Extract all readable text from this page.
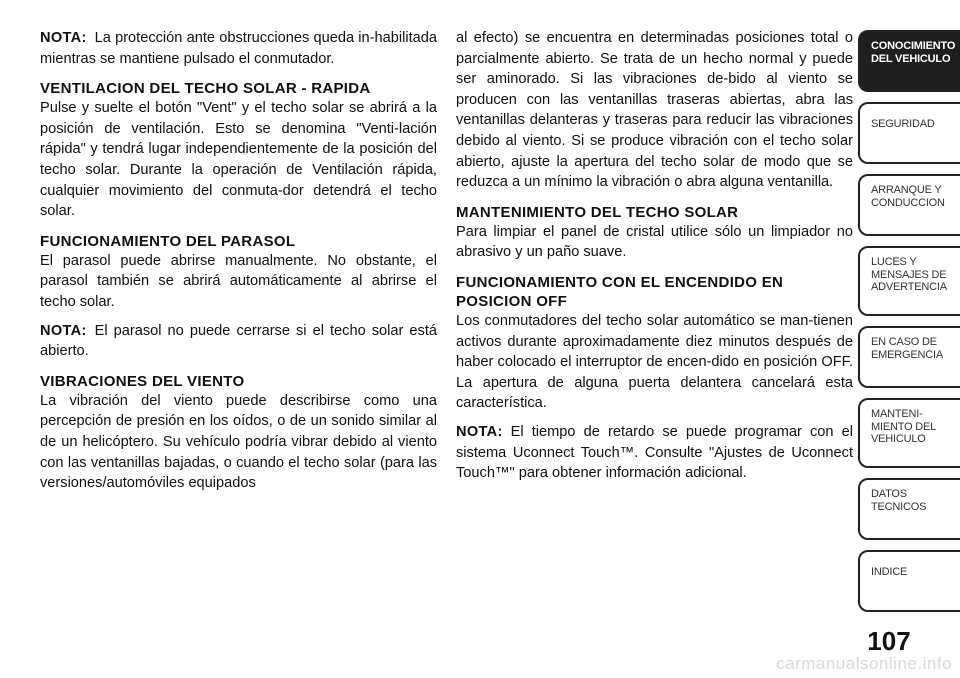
NOTA: La protección ante obstrucciones queda in-habilitada mientras se mantiene pulsado el conmutador.

VENTILACION DEL TECHO SOLAR - RAPIDA

Pulse y suelte el botón "Vent" y el techo solar se abrirá a la posición de ventilación. Esto se denomina "Venti-lación rápida" y tendrá lugar independientemente de la posición del techo solar. Durante la operación de Ventilación rápida, cualquier movimiento del conmuta-dor detendrá el techo solar.

FUNCIONAMIENTO DEL PARASOL

El parasol puede abrirse manualmente. No obstante, el parasol también se abrirá automáticamente al abrirse el techo solar.

NOTA: El parasol no puede cerrarse si el techo solar está abierto.

VIBRACIONES DEL VIENTO

La vibración del viento puede describirse como una percepción de presión en los oídos, o de un sonido similar al de un helicóptero. Su vehículo podría vibrar debido al viento con las ventanillas bajadas, o cuando el techo solar (para las versiones/automóviles equipados

al efecto) se encuentra en determinadas posiciones total o parcialmente abierto. Se trata de un hecho normal y puede ser aminorado. Si las vibraciones de-bido al viento se producen con las ventanillas traseras abiertas, abra las ventanillas delanteras y traseras para reducir las vibraciones debido al viento. Si se produce vibración con el techo solar abierto, ajuste la apertura del techo solar de modo que se reduzca a un mínimo la vibración o abra alguna ventanilla.

MANTENIMIENTO DEL TECHO SOLAR

Para limpiar el panel de cristal utilice sólo un limpiador no abrasivo y un paño suave.

FUNCIONAMIENTO CON EL ENCENDIDO EN POSICION OFF

Los conmutadores del techo solar automático se man-tienen activos durante aproximadamente diez minutos después de haber colocado el interruptor de encen-dido en posición OFF. La apertura de alguna puerta delantera cancelará esta característica.

NOTA: El tiempo de retardo se puede programar con el sistema Uconnect Touch™. Consulte "Ajustes de Uconnect Touch™" para obtener información adicional.

CONOCIMIENTO
DEL VEHICULO
SEGURIDAD
ARRANQUE Y
CONDUCCION
LUCES Y
MENSAJES DE
ADVERTENCIA
EN CASO DE
EMERGENCIA
MANTENI-
MIENTO DEL
VEHICULO
DATOS
TECNICOS
INDICE
107
carmanualsonline.info
